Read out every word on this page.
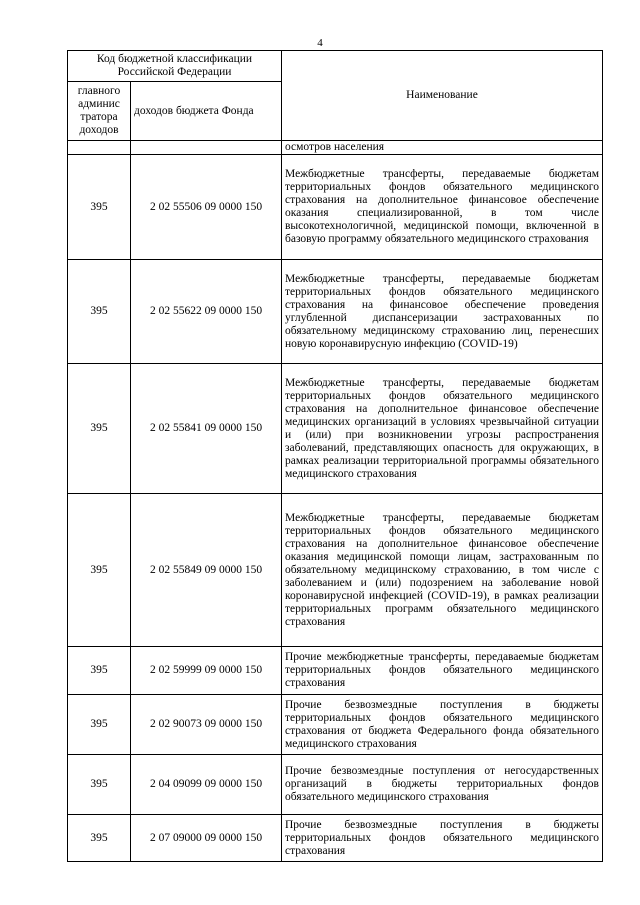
4
Код бюджетной классификации Российской Федерации		Наименование
главного админис тратора доходов	доходов бюджета Фонда	
		осмотров населения
395	2 02 55506 09 0000 150	Межбюджетные трансферты, передаваемые бюджетам территориальных фондов обязательного медицинского страхования на дополнительное финансовое обеспечение оказания специализированной, в том числе высокотехнологичной, медицинской помощи, включенной в базовую программу обязательного медицинского страхования
395	2 02 55622 09 0000 150	Межбюджетные трансферты, передаваемые бюджетам территориальных фондов обязательного медицинского страхования на финансовое обеспечение проведения углубленной диспансеризации застрахованных по обязательному медицинскому страхованию лиц, перенесших новую коронавирусную инфекцию (COVID-19)
395	2 02 55841 09 0000 150	Межбюджетные трансферты, передаваемые бюджетам территориальных фондов обязательного медицинского страхования на дополнительное финансовое обеспечение медицинских организаций в условиях чрезвычайной ситуации и (или) при возникновении угрозы распространения заболеваний, представляющих опасность для окружающих, в рамках реализации территориальной программы обязательного медицинского страхования
395	2 02 55849 09 0000 150	Межбюджетные трансферты, передаваемые бюджетам территориальных фондов обязательного медицинского страхования на дополнительное финансовое обеспечение оказания медицинской помощи лицам, застрахованным по обязательному медицинскому страхованию, в том числе с заболеванием и (или) подозрением на заболевание новой коронавирусной инфекцией (COVID-19), в рамках реализации территориальных программ обязательного медицинского страхования
395	2 02 59999 09 0000 150	Прочие межбюджетные трансферты, передаваемые бюджетам территориальных фондов обязательного медицинского страхования
395	2 02 90073 09 0000 150	Прочие безвозмездные поступления в бюджеты территориальных фондов обязательного медицинского страхования от бюджета Федерального фонда обязательного медицинского страхования
395	2 04 09099 09 0000 150	Прочие безвозмездные поступления от негосударственных организаций в бюджеты территориальных фондов обязательного медицинского страхования
395	2 07 09000 09 0000 150	Прочие безвозмездные поступления в бюджеты территориальных фондов обязательного медицинского страхования
